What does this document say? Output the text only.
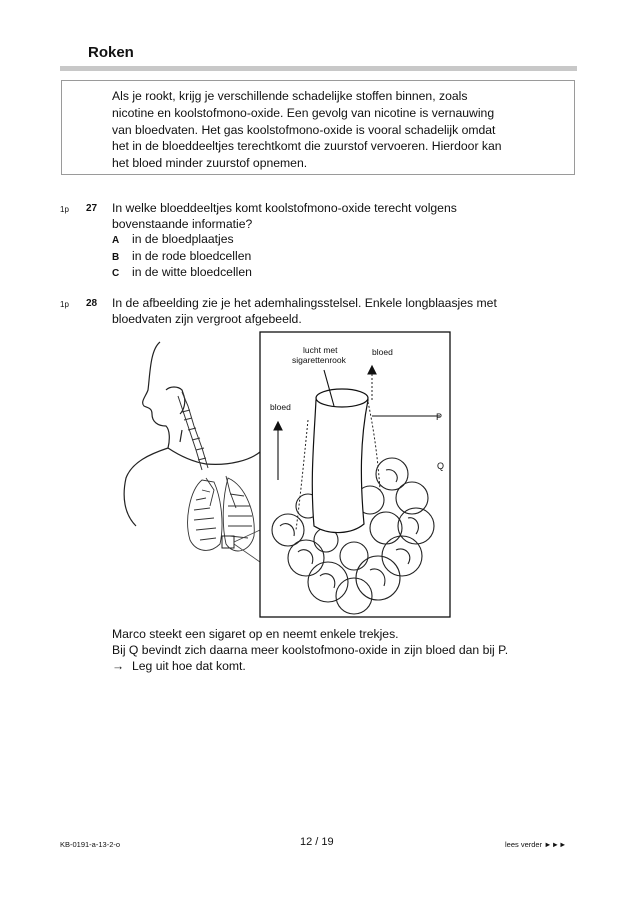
Roken
Als je rookt, krijg je verschillende schadelijke stoffen binnen, zoals
nicotine en koolstofmono-oxide. Een gevolg van nicotine is vernauwing
van bloedvaten. Het gas koolstofmono-oxide is vooral schadelijk omdat
het in de bloeddeeltjes terechtkomt die zuurstof vervoeren. Hierdoor kan
het bloed minder zuurstof opnemen.
1p 27 In welke bloeddeeltjes komt koolstofmono-oxide terecht volgens
bovenstaande informatie?
A in de bloedplaatjes
B in de rode bloedcellen
C in de witte bloedcellen
1p 28 In de afbeelding zie je het ademhalingsstelsel. Enkele longblaasjes met
bloedvaten zijn vergroot afgebeeld.
lucht met
sigarettenrook
bloed
bloed
P
Q
Marco steekt een sigaret op en neemt enkele trekjes.
Bij Q bevindt zich daarna meer koolstofmono-oxide in zijn bloed dan bij P.
→ Leg uit hoe dat komt.
KB-0191-a-13-2-o	12 / 19	lees verder ►►►
